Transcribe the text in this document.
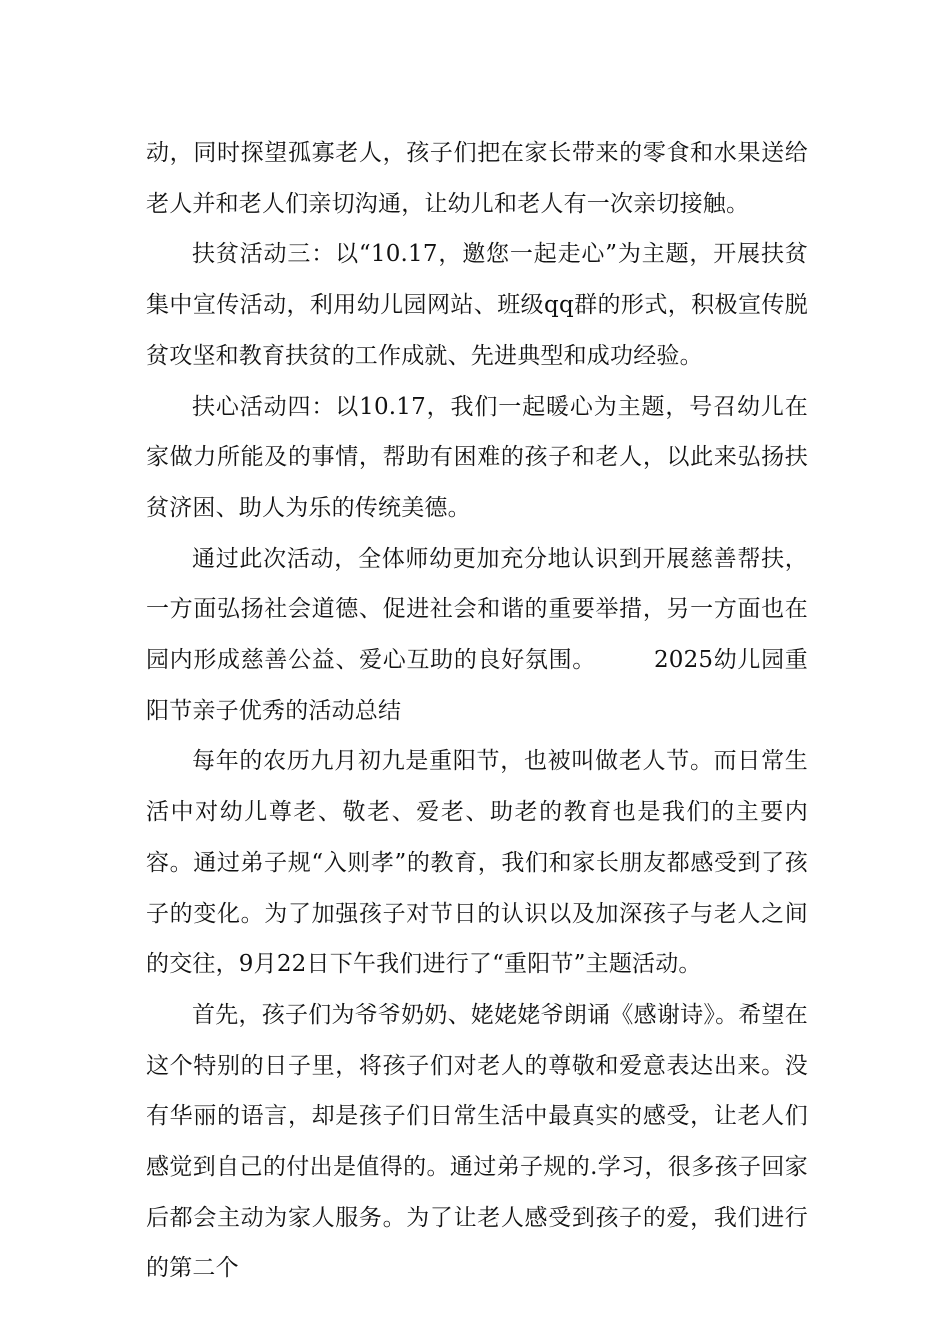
动，同时探望孤寡老人，孩子们把在家长带来的零食和水果送给老人并和老人们亲切沟通，让幼儿和老人有一次亲切接触。

扶贫活动三：以“10.17，邀您一起走心”为主题，开展扶贫集中宣传活动，利用幼儿园网站、班级qq群的形式，积极宣传脱贫攻坚和教育扶贫的工作成就、先进典型和成功经验。

扶心活动四：以10.17，我们一起暖心为主题，号召幼儿在家做力所能及的事情，帮助有困难的孩子和老人，以此来弘扬扶贫济困、助人为乐的传统美德。

通过此次活动，全体师幼更加充分地认识到开展慈善帮扶，一方面弘扬社会道德、促进社会和谐的重要举措，另一方面也在园内形成慈善公益、爱心互助的良好氛围。	2025幼儿园重阳节亲子优秀的活动总结

每年的农历九月初九是重阳节，也被叫做老人节。而日常生活中对幼儿尊老、敬老、爱老、助老的教育也是我们的主要内容。通过弟子规“入则孝”的教育，我们和家长朋友都感受到了孩子的变化。为了加强孩子对节日的认识以及加深孩子与老人之间的交往，9月22日下午我们进行了“重阳节”主题活动。

首先，孩子们为爷爷奶奶、姥姥姥爷朗诵《感谢诗》。希望在这个特别的日子里，将孩子们对老人的尊敬和爱意表达出来。没有华丽的语言，却是孩子们日常生活中最真实的感受，让老人们感觉到自己的付出是值得的。通过弟子规的.学习，很多孩子回家后都会主动为家人服务。为了让老人感受到孩子的爱，我们进行的第二个
